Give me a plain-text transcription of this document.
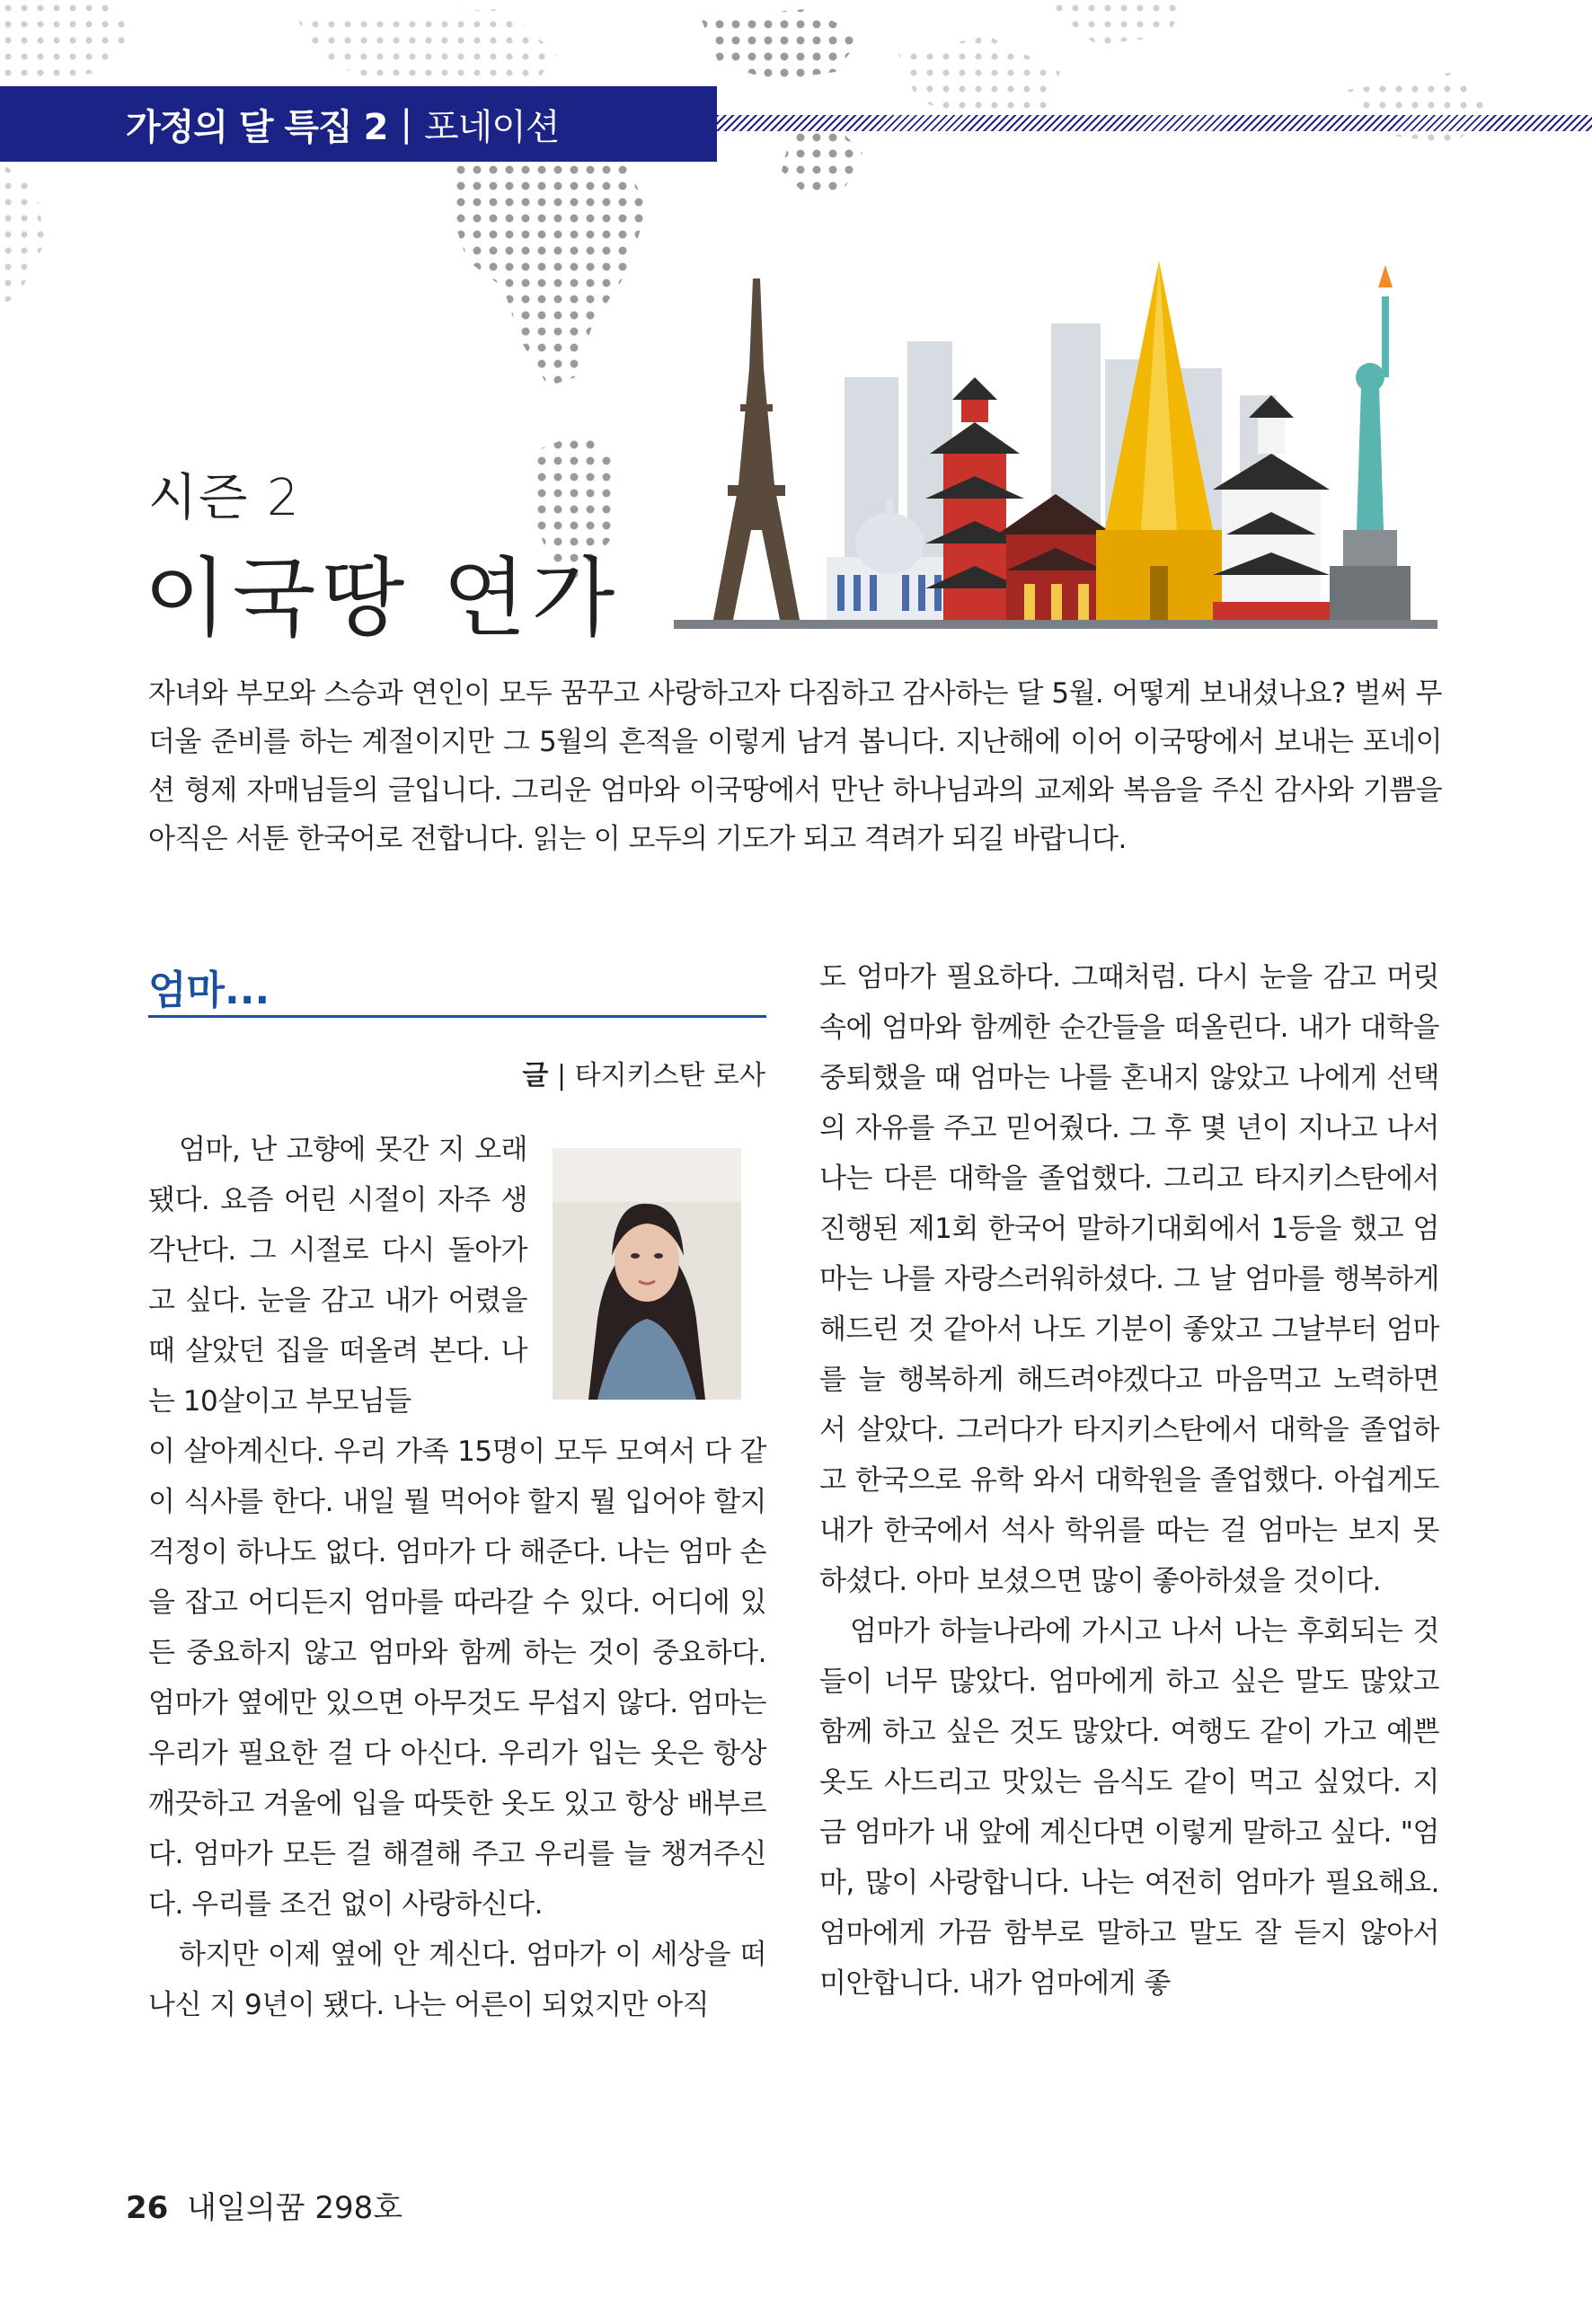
가정의 달 특집 2 | 포네이션
시즌 2
이국땅 연가

자녀와 부모와 스승과 연인이 모두 꿈꾸고 사랑하고자 다짐하고 감사하는 달 5월. 어떻게 보내셨나요? 벌써 무더울 준비를 하는 계절이지만 그 5월의 흔적을 이렇게 남겨 봅니다. 지난해에 이어 이국땅에서 보내는 포네이션 형제 자매님들의 글입니다. 그리운 엄마와 이국땅에서 만난 하나님과의 교제와 복음을 주신 감사와 기쁨을 아직은 서툰 한국어로 전합니다. 읽는 이 모두의 기도가 되고 격려가 되길 바랍니다.

엄마...
글 | 타지키스탄 로사

엄마, 난 고향에 못간 지 오래 됐다. 요즘 어린 시절이 자주 생각난다. 그 시절로 다시 돌아가고 싶다. 눈을 감고 내가 어렸을 때 살았던 집을 떠올려 본다. 나는 10살이고 부모님들

이 살아계신다. 우리 가족 15명이 모두 모여서 다 같이 식사를 한다. 내일 뭘 먹어야 할지 뭘 입어야 할지 걱정이 하나도 없다. 엄마가 다 해준다. 나는 엄마 손을 잡고 어디든지 엄마를 따라갈 수 있다. 어디에 있든 중요하지 않고 엄마와 함께 하는 것이 중요하다. 엄마가 옆에만 있으면 아무것도 무섭지 않다. 엄마는 우리가 필요한 걸 다 아신다. 우리가 입는 옷은 항상 깨끗하고 겨울에 입을 따뜻한 옷도 있고 항상 배부르다. 엄마가 모든 걸 해결해 주고 우리를 늘 챙겨주신다. 우리를 조건 없이 사랑하신다.

하지만 이제 옆에 안 계신다. 엄마가 이 세상을 떠나신 지 9년이 됐다. 나는 어른이 되었지만 아직

도 엄마가 필요하다. 그때처럼. 다시 눈을 감고 머릿속에 엄마와 함께한 순간들을 떠올린다. 내가 대학을 중퇴했을 때 엄마는 나를 혼내지 않았고 나에게 선택의 자유를 주고 믿어줬다. 그 후 몇 년이 지나고 나서 나는 다른 대학을 졸업했다. 그리고 타지키스탄에서 진행된 제1회 한국어 말하기대회에서 1등을 했고 엄마는 나를 자랑스러워하셨다. 그 날 엄마를 행복하게 해드린 것 같아서 나도 기분이 좋았고 그날부터 엄마를 늘 행복하게 해드려야겠다고 마음먹고 노력하면서 살았다. 그러다가 타지키스탄에서 대학을 졸업하고 한국으로 유학 와서 대학원을 졸업했다. 아쉽게도 내가 한국에서 석사 학위를 따는 걸 엄마는 보지 못하셨다. 아마 보셨으면 많이 좋아하셨을 것이다.

엄마가 하늘나라에 가시고 나서 나는 후회되는 것들이 너무 많았다. 엄마에게 하고 싶은 말도 많았고 함께 하고 싶은 것도 많았다. 여행도 같이 가고 예쁜 옷도 사드리고 맛있는 음식도 같이 먹고 싶었다. 지금 엄마가 내 앞에 계신다면 이렇게 말하고 싶다. "엄마, 많이 사랑합니다. 나는 여전히 엄마가 필요해요. 엄마에게 가끔 함부로 말하고 말도 잘 듣지 않아서 미안합니다. 내가 엄마에게 좋

26 내일의꿈 298호
